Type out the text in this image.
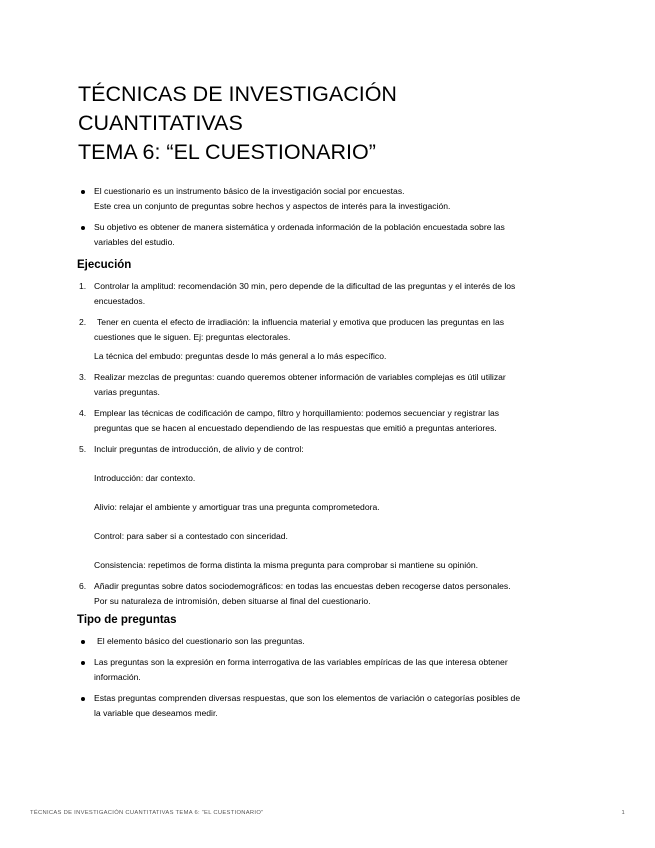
TÉCNICAS DE INVESTIGACIÓN
CUANTITATIVAS
TEMA 6: “EL CUESTIONARIO”
El cuestionario es un instrumento básico de la investigación social por encuestas.
Este crea un conjunto de preguntas sobre hechos y aspectos de interés para la investigación.
Su objetivo es obtener de manera sistemática y ordenada información de la población encuestada sobre las
variables del estudio.
Ejecución
1. Controlar la amplitud: recomendación 30 min, pero depende de la dificultad de las preguntas y el interés de los
encuestados.
2.	Tener en cuenta el efecto de irradiación: la influencia material y emotiva que producen las preguntas en las
cuestiones que le siguen. Ej: preguntas electorales.
La técnica del embudo: preguntas desde lo más general a lo más específico.
3. Realizar mezclas de preguntas: cuando queremos obtener información de variables complejas es útil utilizar
varias preguntas.
4. Emplear las técnicas de codificación de campo, filtro y horquillamiento: podemos secuenciar y registrar las
preguntas que se hacen al encuestado dependiendo de las respuestas que emitió a preguntas anteriores.
5. Incluir preguntas de introducción, de alivio y de control:
Introducción: dar contexto.
Alivio: relajar el ambiente y amortiguar tras una pregunta comprometedora.
Control: para saber si a contestado con sinceridad.
Consistencia: repetimos de forma distinta la misma pregunta para comprobar si mantiene su opinión.
6. Añadir preguntas sobre datos sociodemográficos: en todas las encuestas deben recogerse datos personales.
Por su naturaleza de intromisión, deben situarse al final del cuestionario.
Tipo de preguntas
El elemento básico del cuestionario son las preguntas.
Las preguntas son la expresión en forma interrogativa de las variables empíricas de las que interesa obtener
información.
Estas preguntas comprenden diversas respuestas, que son los elementos de variación o categorías posibles de
la variable que deseamos medir.
TÉCNICAS DE INVESTIGACIÓN CUANTITATIVAS TEMA 6: “EL CUESTIONARIO”	1
